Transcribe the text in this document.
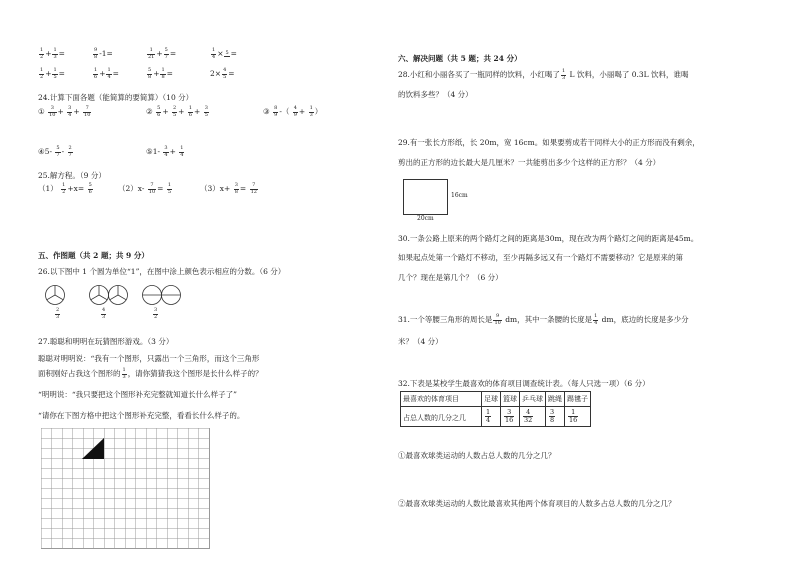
$\frac{1}{2} + \frac{1}{3}$ =	$\frac{9}{8} -1=$	$\frac{1}{21} + \frac{5}{7}$ =	$\frac{1}{4} \times 5$ =
$\frac{1}{2} + \frac{1}{5}$ =	$\frac{1}{6} + \frac{1}{4}$ =	$\frac{5}{8} + \frac{1}{8}$ =	$2\times \frac{4}{5}$ =
24.计算下面各题（能简算的要简算）（10 分）
① $\frac{3}{10} + \frac{3}{4} + \frac{7}{10}$	② $\frac{5}{6} + \frac{2}{5} + \frac{1}{6} + \frac{3}{5}$	③ $\frac{8}{9}$ -（ $\frac{4}{9} + \frac{1}{3}$ ）
④5- $\frac{5}{7} - \frac{2}{7}$	⑤1- $\frac{3}{4} + \frac{1}{4}$
25.解方程。（9 分）
$(1) \frac{1}{2} +x= \frac{5}{6}$	$(2)x- \frac{7}{10} = \frac{1}{5}$	$(3)x+ \frac{3}{8} = \frac{7}{12}$
五、作图题（共 2 题；共 9 分）
26.以下图中 1 个圆为单位“1”，在图中涂上颜色表示相应的分数。（6 分）
$\frac{2}{3}$	$\frac{4}{3}$	$\frac{3}{2}$
27.聪聪和明明在玩猜图形游戏。（3 分）
聪聪对明明说：“我有一个图形，只露出一个三角形，而这个三角形
面积刚好占我这个图形的 $\frac{1}{3}$ ，请你猜猜我这个图形是长什么样子的？
“明明说：“我只要把这个图形补充完整就知道长什么样子了”
“请你在下图方格中把这个图形补充完整，看看长什么样子的。
六、解决问题（共 5 题；共 24 分）
28.小红和小丽各买了一瓶同样的饮料，小红喝了 $\frac{1}{3}$ L 饮料，小丽喝了 0.3L 饮料，谁喝
的饮料多些？（4 分）
29.有一张长方形纸，长 20m，宽 16cm。如果要剪成若干同样大小的正方形而没有剩余，
剪出的正方形的边长最大是几厘米？一共能剪出多少个这样的正方形？（4 分）
16cm
20cm
30.一条公路上原来的两个路灯之间的距离是30m，现在改为两个路灯之间的距离是45m。
如果起点处第一个路灯不移动，至少再隔多远又有一个路灯不需要移动？它是原来的第
几个？现在是第几个？（6 分）
31.一个等腰三角形的周长是 $\frac{9}{10}$ dm，其中一条腰的长度是 $\frac{1}{4}$ dm，底边的长度是多少分
米？（4 分）
32.下表是某校学生最喜欢的体育项目调查统计表。（每人只选一项）（6 分）
最喜欢的体育项目	足球	篮球	乒乓球	跳绳	踢毽子
占总人数的几分之几	$\frac{1}{4}$	$\frac{3}{16}$	$\frac{4}{32}$	$\frac{3}{8}$	$\frac{1}{16}$
①最喜欢球类运动的人数占总人数的几分之几？
②最喜欢球类运动的人数比最喜欢其他两个体育项目的人数多占总人数的几分之几？
